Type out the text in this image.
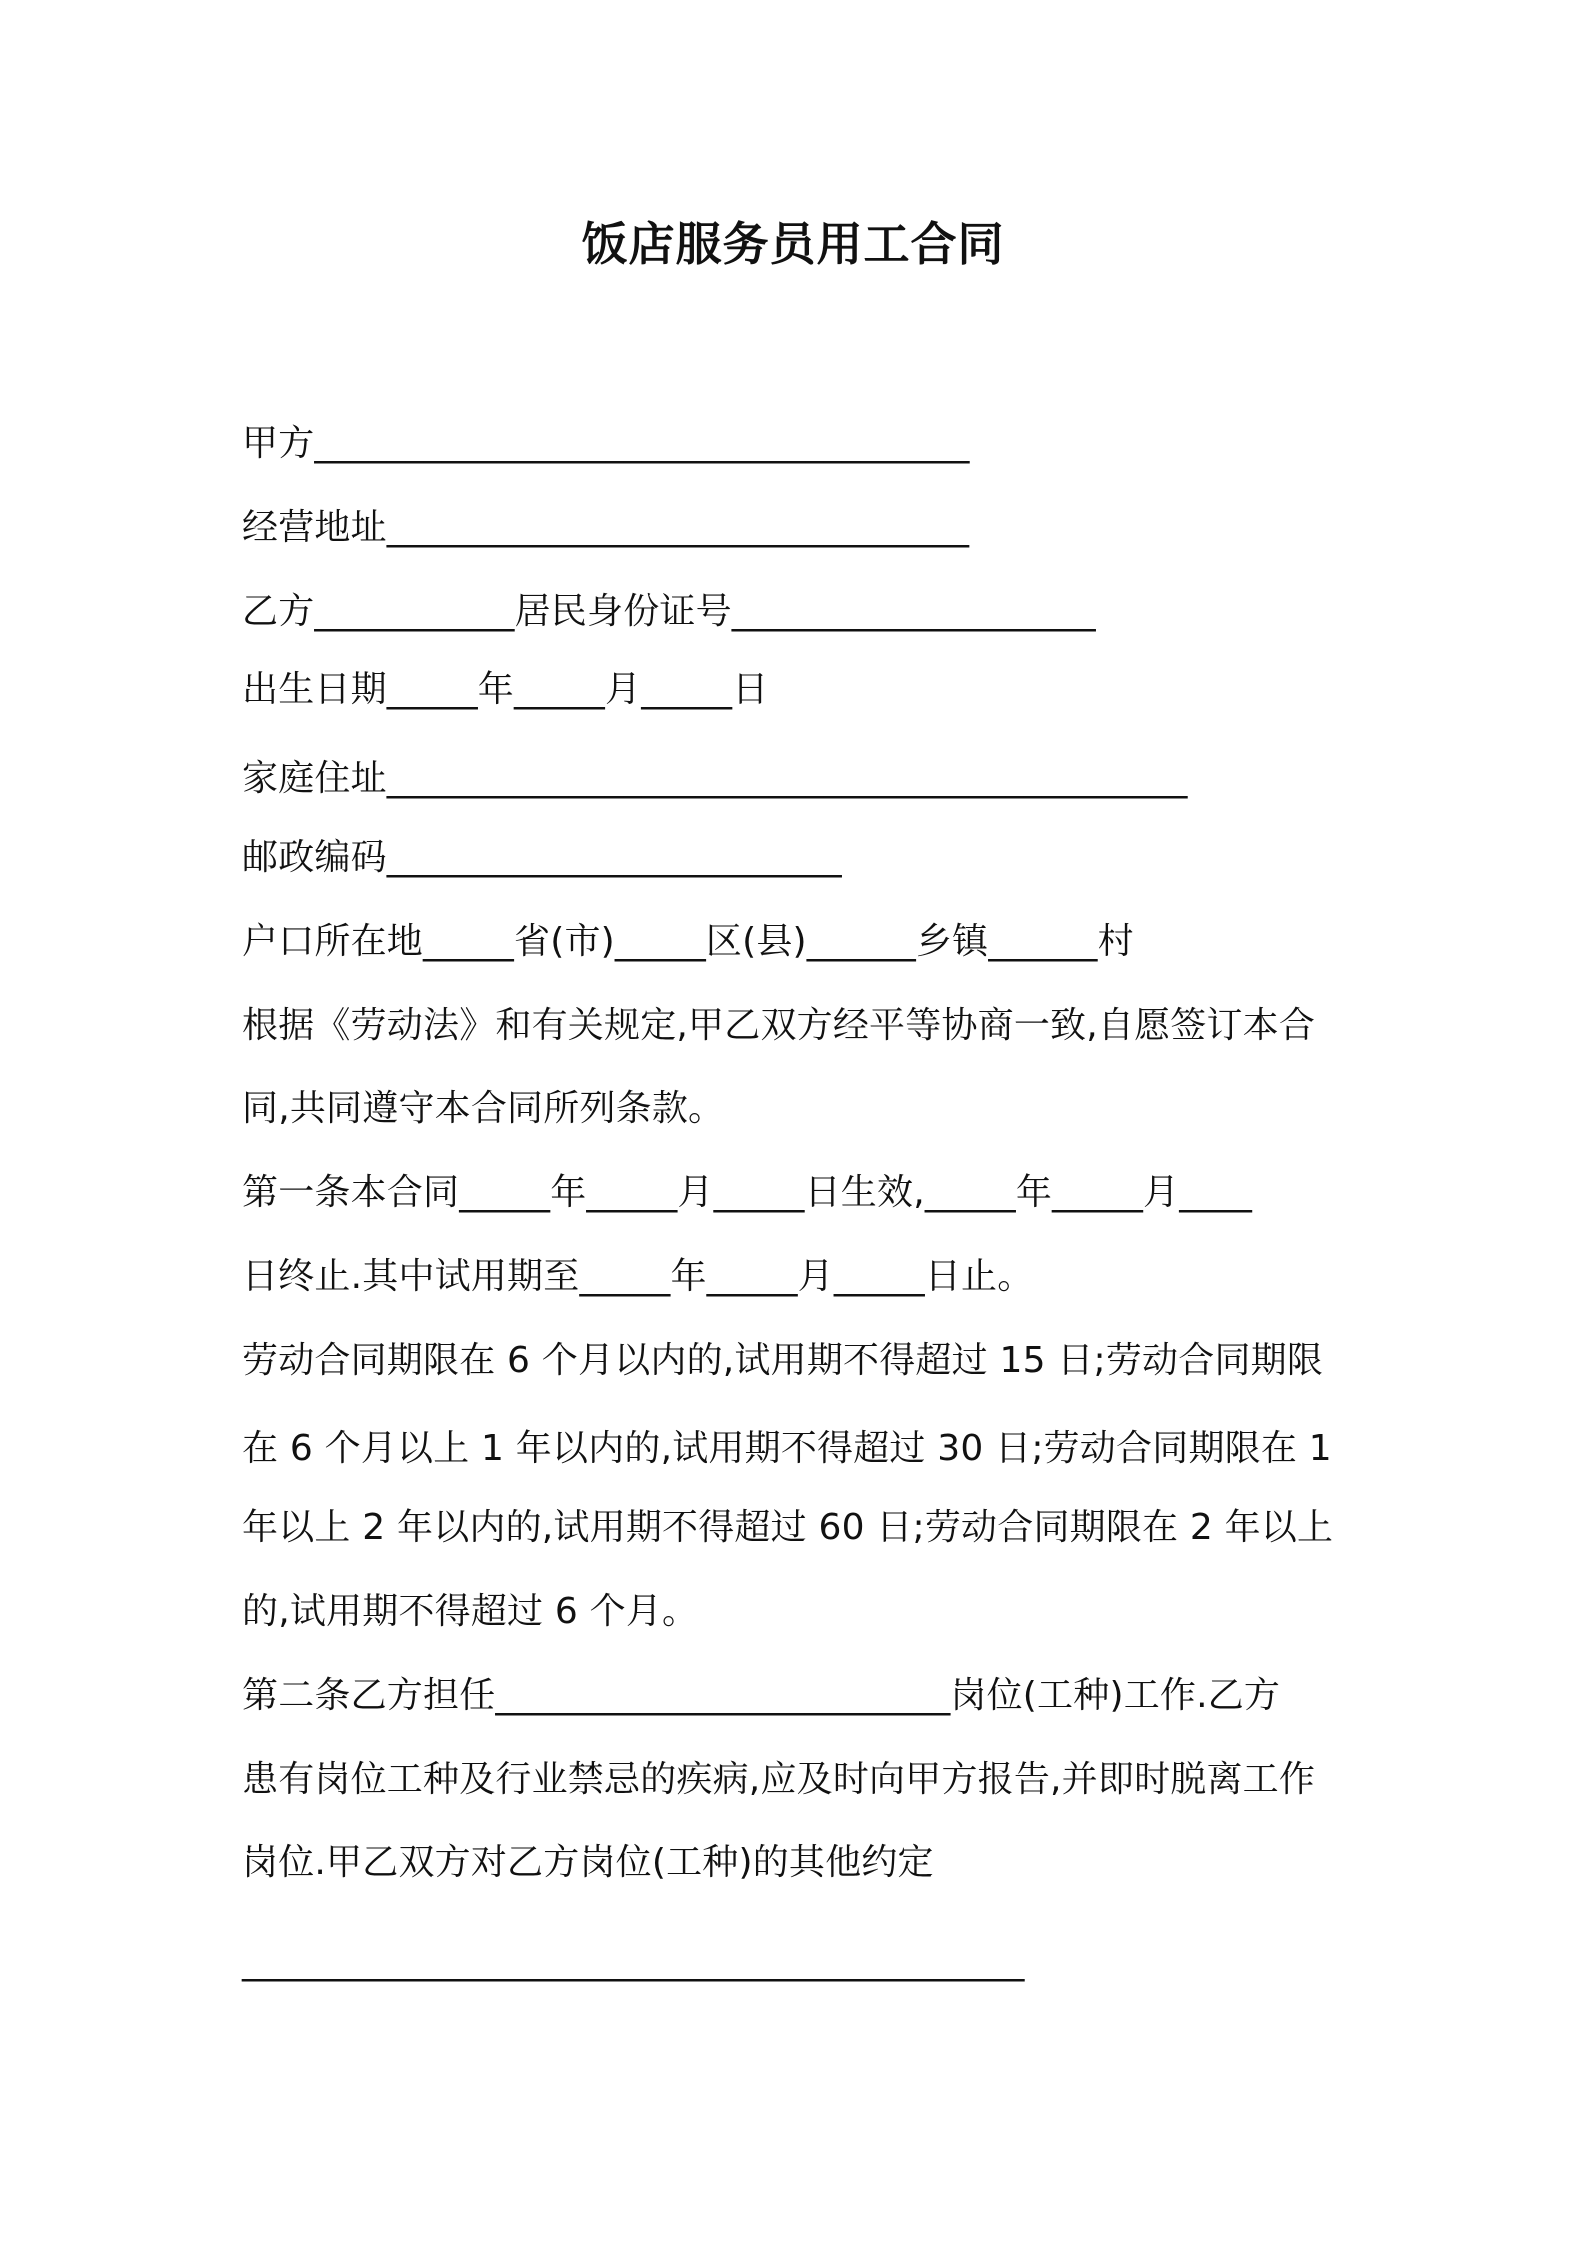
饭店服务员用工合同
甲方____________________________________
经营地址________________________________
乙方___________居民身份证号____________________
出生日期_____年_____月_____日
家庭住址____________________________________________
邮政编码_________________________
户口所在地_____省(市)_____区(县)______乡镇______村
根据《劳动法》和有关规定,甲乙双方经平等协商一致,自愿签订本合
同,共同遵守本合同所列条款。
第一条本合同_____年_____月_____日生效,_____年_____月____
日终止.其中试用期至_____年_____月_____日止。
劳动合同期限在 6 个月以内的,试用期不得超过 15 日;劳动合同期限
在 6 个月以上 1 年以内的,试用期不得超过 30 日;劳动合同期限在 1
年以上 2 年以内的,试用期不得超过 60 日;劳动合同期限在 2 年以上
的,试用期不得超过 6 个月。
第二条乙方担任_________________________岗位(工种)工作.乙方
患有岗位工种及行业禁忌的疾病,应及时向甲方报告,并即时脱离工作
岗位.甲乙双方对乙方岗位(工种)的其他约定
___________________________________________
